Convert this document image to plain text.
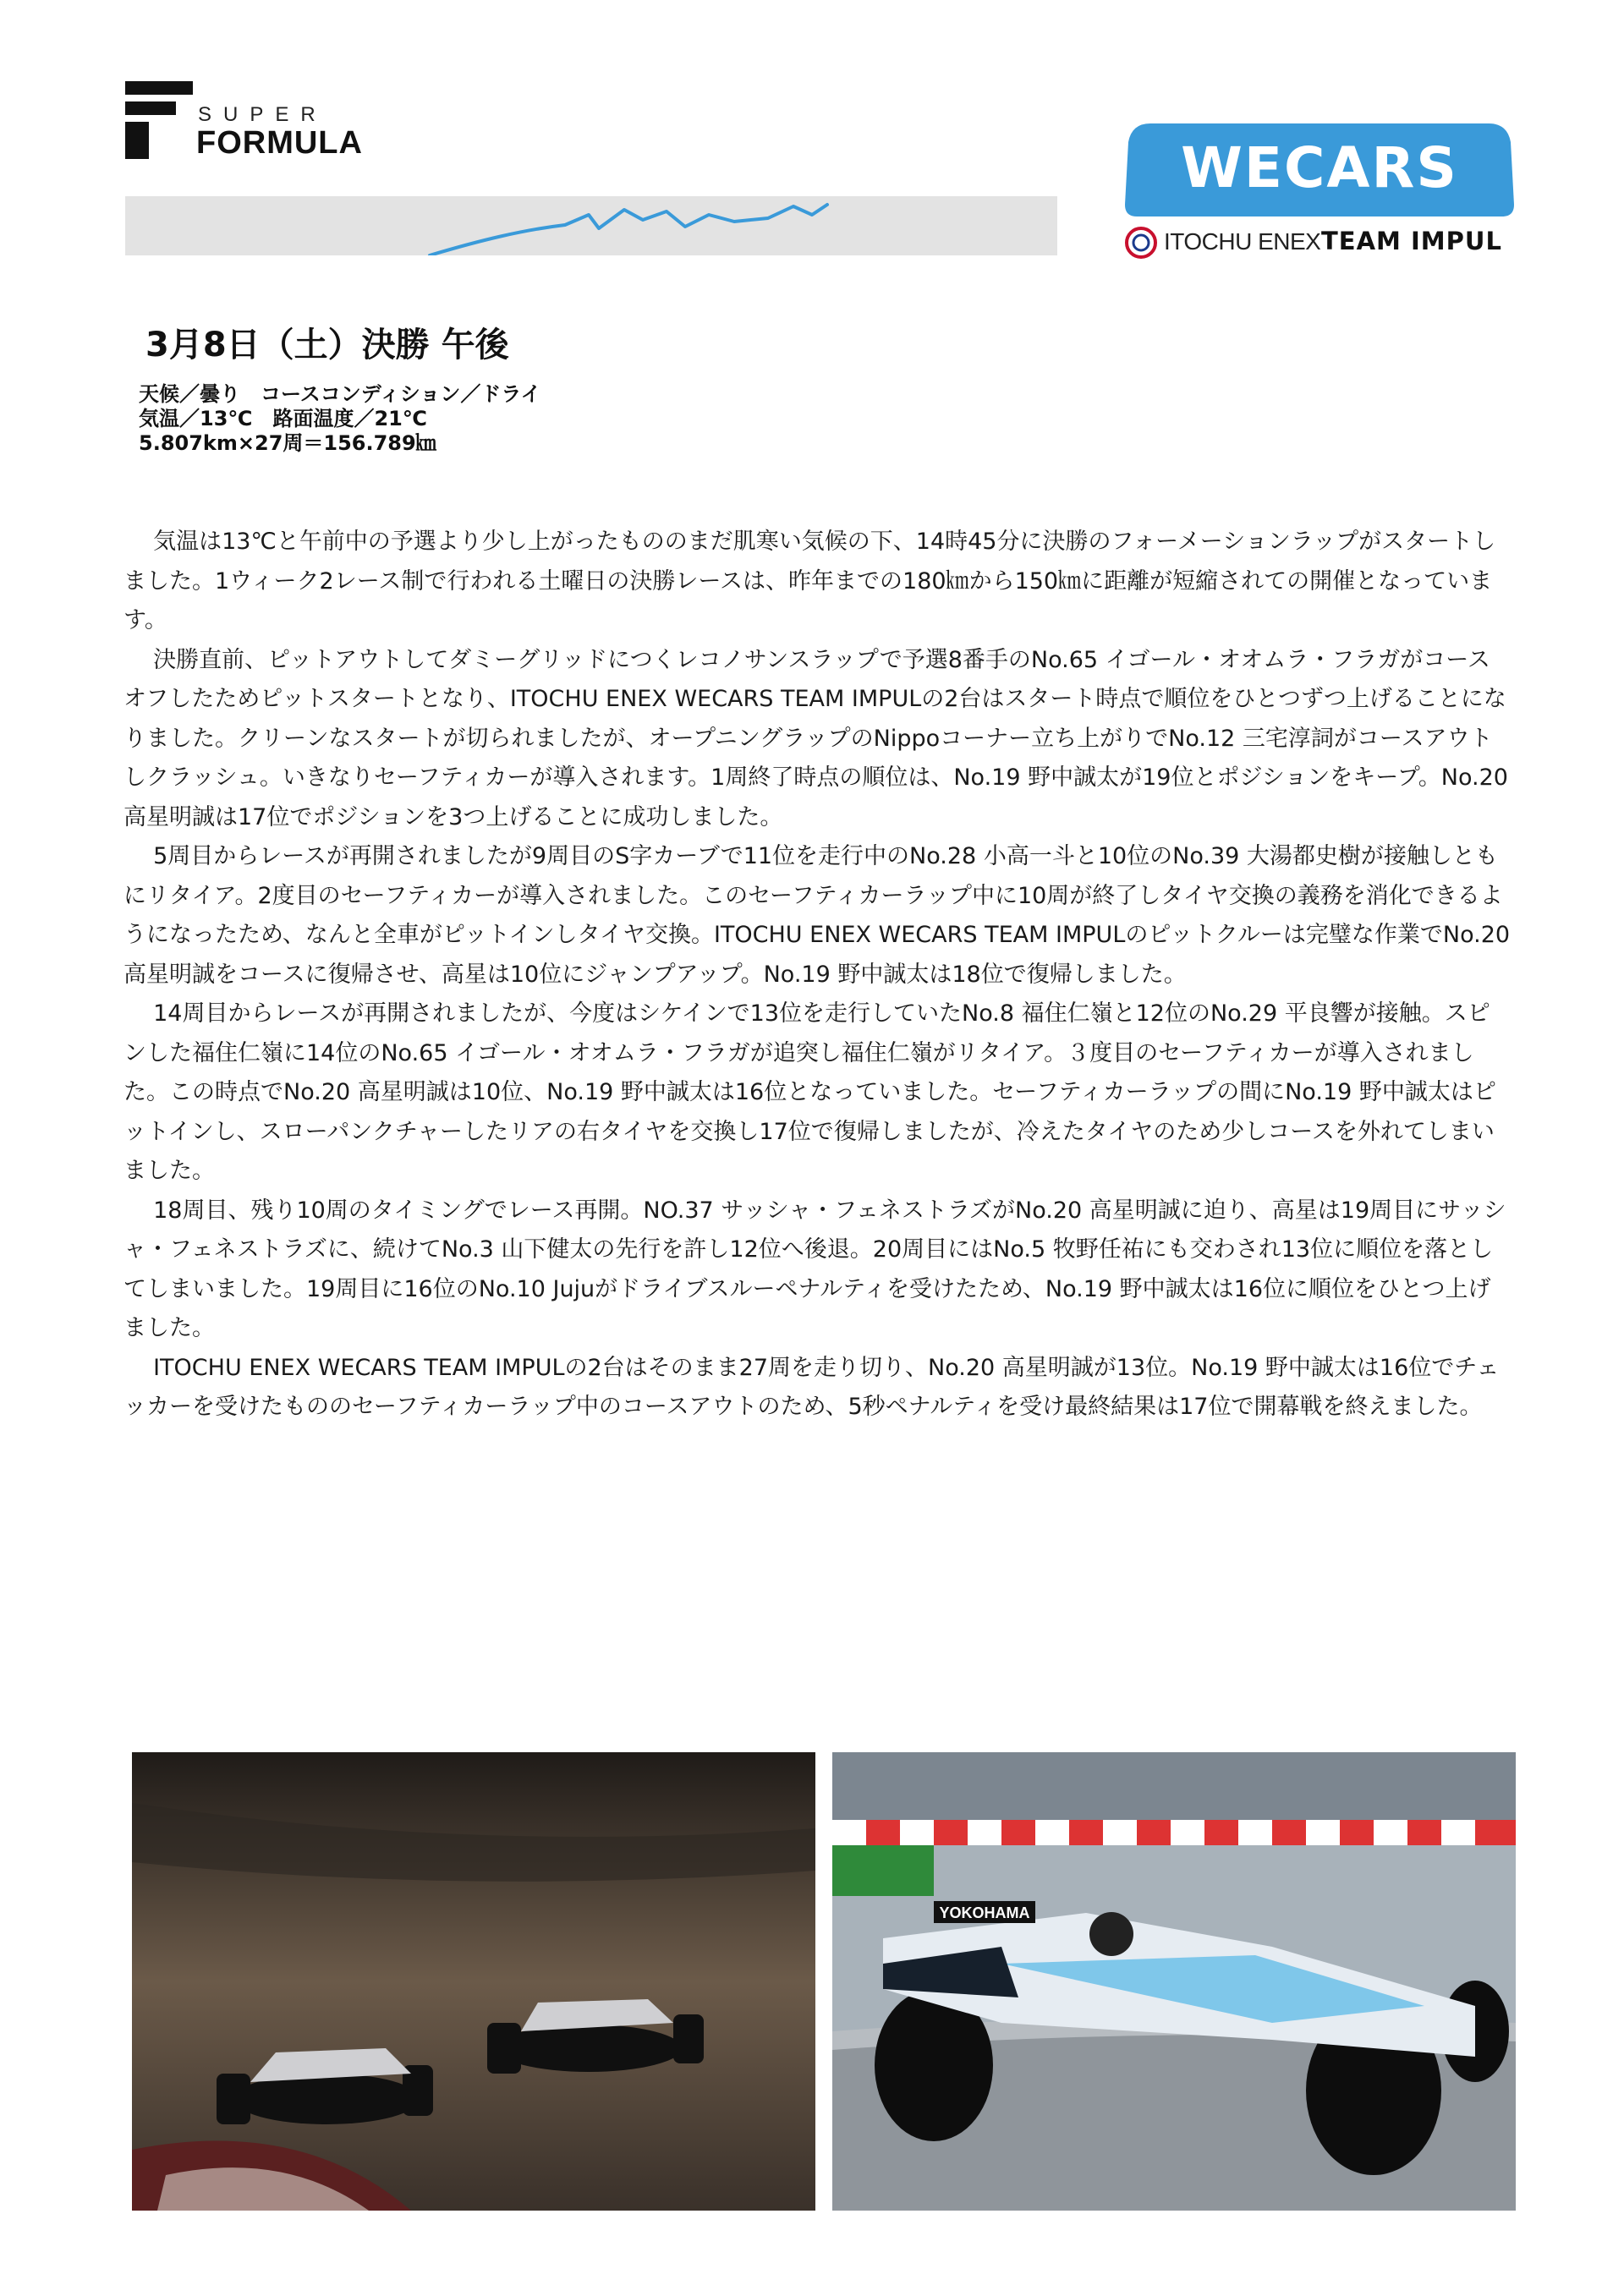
SUPER
FORMULA	WECARS
ITOCHU ENEX TEAM IMPUL
3月8日（土）決勝 午後
天候／曇り　コースコンディション／ドライ
気温／13℃　路面温度／21℃
5.807km×27周＝156.789㎞

気温は13℃と午前中の予選より少し上がったもののまだ肌寒い気候の下、14時45分に決勝のフォーメーションラップがスタートしました。1ウィーク2レース制で行われる土曜日の決勝レースは、昨年までの180㎞から150㎞に距離が短縮されての開催となっています。

決勝直前、ピットアウトしてダミーグリッドにつくレコノサンスラップで予選8番手のNo.65 イゴール・オオムラ・フラガがコースオフしたためピットスタートとなり、ITOCHU ENEX WECARS TEAM IMPULの2台はスタート時点で順位をひとつずつ上げることになりました。クリーンなスタートが切られましたが、オープニングラップのNippoコーナー立ち上がりでNo.12 三宅淳詞がコースアウトしクラッシュ。いきなりセーフティカーが導入されます。1周終了時点の順位は、No.19 野中誠太が19位とポジションをキープ。No.20 高星明誠は17位でポジションを3つ上げることに成功しました。

5周目からレースが再開されましたが9周目のS字カーブで11位を走行中のNo.28 小高一斗と10位のNo.39 大湯都史樹が接触しともにリタイア。2度目のセーフティカーが導入されました。このセーフティカーラップ中に10周が終了しタイヤ交換の義務を消化できるようになったため、なんと全車がピットインしタイヤ交換。ITOCHU ENEX WECARS TEAM IMPULのピットクルーは完璧な作業でNo.20 高星明誠をコースに復帰させ、高星は10位にジャンプアップ。No.19 野中誠太は18位で復帰しました。

14周目からレースが再開されましたが、今度はシケインで13位を走行していたNo.8 福住仁嶺と12位のNo.29 平良響が接触。スピンした福住仁嶺に14位のNo.65 イゴール・オオムラ・フラガが追突し福住仁嶺がリタイア。３度目のセーフティカーが導入されました。この時点でNo.20 高星明誠は10位、No.19 野中誠太は16位となっていました。セーフティカーラップの間にNo.19 野中誠太はピットインし、スローパンクチャーしたリアの右タイヤを交換し17位で復帰しましたが、冷えたタイヤのため少しコースを外れてしまいました。

18周目、残り10周のタイミングでレース再開。NO.37 サッシャ・フェネストラズがNo.20 高星明誠に迫り、高星は19周目にサッシャ・フェネストラズに、続けてNo.3 山下健太の先行を許し12位へ後退。20周目にはNo.5 牧野任祐にも交わされ13位に順位を落としてしまいました。19周目に16位のNo.10 Jujuがドライブスルーペナルティを受けたため、No.19 野中誠太は16位に順位をひとつ上げました。

ITOCHU ENEX WECARS TEAM IMPULの2台はそのまま27周を走り切り、No.20 高星明誠が13位。No.19 野中誠太は16位でチェッカーを受けたもののセーフティカーラップ中のコースアウトのため、5秒ペナルティを受け最終結果は17位で開幕戦を終えました。

YOKOHAMA
